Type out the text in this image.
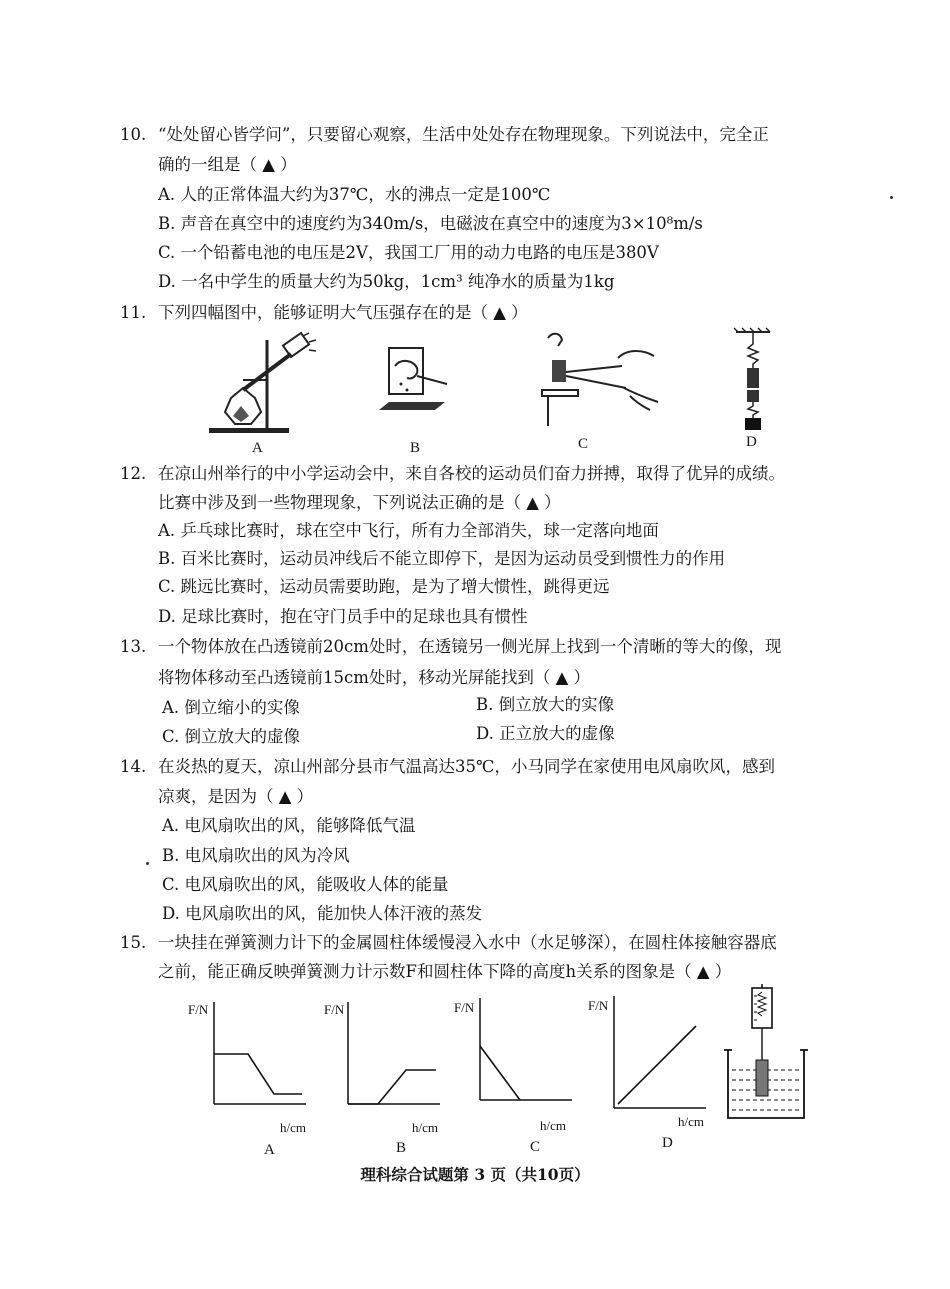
10. “处处留心皆学问”，只要留心观察，生活中处处存在物理现象。下列说法中，完全正
确的一组是（ ▲ ）
A. 人的正常体温大约为37℃，水的沸点一定是100℃
B. 声音在真空中的速度约为340m/s，电磁波在真空中的速度为3×10⁸m/s
C. 一个铅蓄电池的电压是2V，我国工厂用的动力电路的电压是380V
D. 一名中学生的质量大约为50kg，1cm³ 纯净水的质量为1kg
11. 下列四幅图中，能够证明大气压强存在的是（ ▲ ）
A	B	C	D
12. 在凉山州举行的中小学运动会中，来自各校的运动员们奋力拼搏，取得了优异的成绩。
比赛中涉及到一些物理现象，下列说法正确的是（ ▲ ）
A. 乒乓球比赛时，球在空中飞行，所有力全部消失，球一定落向地面
B. 百米比赛时，运动员冲线后不能立即停下，是因为运动员受到惯性力的作用
C. 跳远比赛时，运动员需要助跑，是为了增大惯性，跳得更远
D. 足球比赛时，抱在守门员手中的足球也具有惯性
13. 一个物体放在凸透镜前20cm处时，在透镜另一侧光屏上找到一个清晰的等大的像，现
将物体移动至凸透镜前15cm处时，移动光屏能找到（ ▲ ）
A. 倒立缩小的实像	B. 倒立放大的实像
C. 倒立放大的虚像	D. 正立放大的虚像
14. 在炎热的夏天，凉山州部分县市气温高达35℃，小马同学在家使用电风扇吹风，感到
凉爽，是因为（ ▲ ）
A. 电风扇吹出的风，能够降低气温
B. 电风扇吹出的风为冷风
C. 电风扇吹出的风，能吸收人体的能量
D. 电风扇吹出的风，能加快人体汗液的蒸发
15. 一块挂在弹簧测力计下的金属圆柱体缓慢浸入水中（水足够深），在圆柱体接触容器底
之前，能正确反映弹簧测力计示数F和圆柱体下降的高度h关系的图象是（ ▲ ）
F/N
h/cm
A
F/N
h/cm
B
F/N
h/cm
C
F/N
h/cm
D
理科综合试题第 3 页（共10页）
